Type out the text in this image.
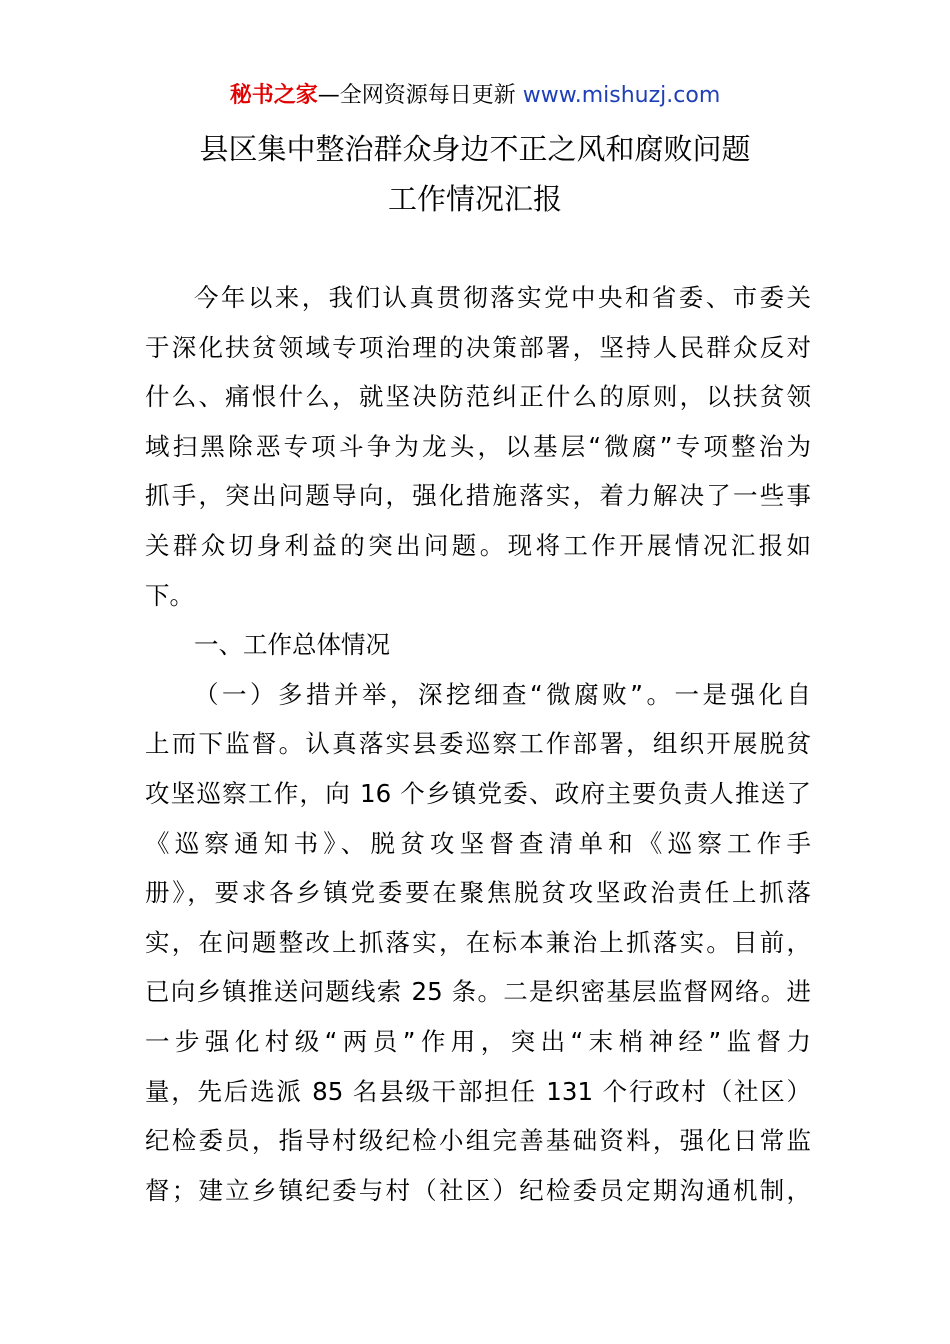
秘书之家—全网资源每日更新 www.mishuzj.com
县区集中整治群众身边不正之风和腐败问题
工作情况汇报
今年以来，我们认真贯彻落实党中央和省委、市委关
于深化扶贫领域专项治理的决策部署，坚持人民群众反对
什么、痛恨什么，就坚决防范纠正什么的原则，以扶贫领
域扫黑除恶专项斗争为龙头，以基层“微腐”专项整治为
抓手，突出问题导向，强化措施落实，着力解决了一些事
关群众切身利益的突出问题。现将工作开展情况汇报如
下。
一、工作总体情况
（一）多措并举，深挖细查“微腐败”。一是强化自
上而下监督。认真落实县委巡察工作部署，组织开展脱贫
攻坚巡察工作，向 16 个乡镇党委、政府主要负责人推送了
《巡察通知书》、脱贫攻坚督查清单和《巡察工作手
册》，要求各乡镇党委要在聚焦脱贫攻坚政治责任上抓落
实，在问题整改上抓落实，在标本兼治上抓落实。目前，
已向乡镇推送问题线索 25 条。二是织密基层监督网络。进
一步强化村级“两员”作用，突出“末梢神经”监督力
量，先后选派 85 名县级干部担任 131 个行政村（社区）
纪检委员，指导村级纪检小组完善基础资料，强化日常监
督；建立乡镇纪委与村（社区）纪检委员定期沟通机制，
